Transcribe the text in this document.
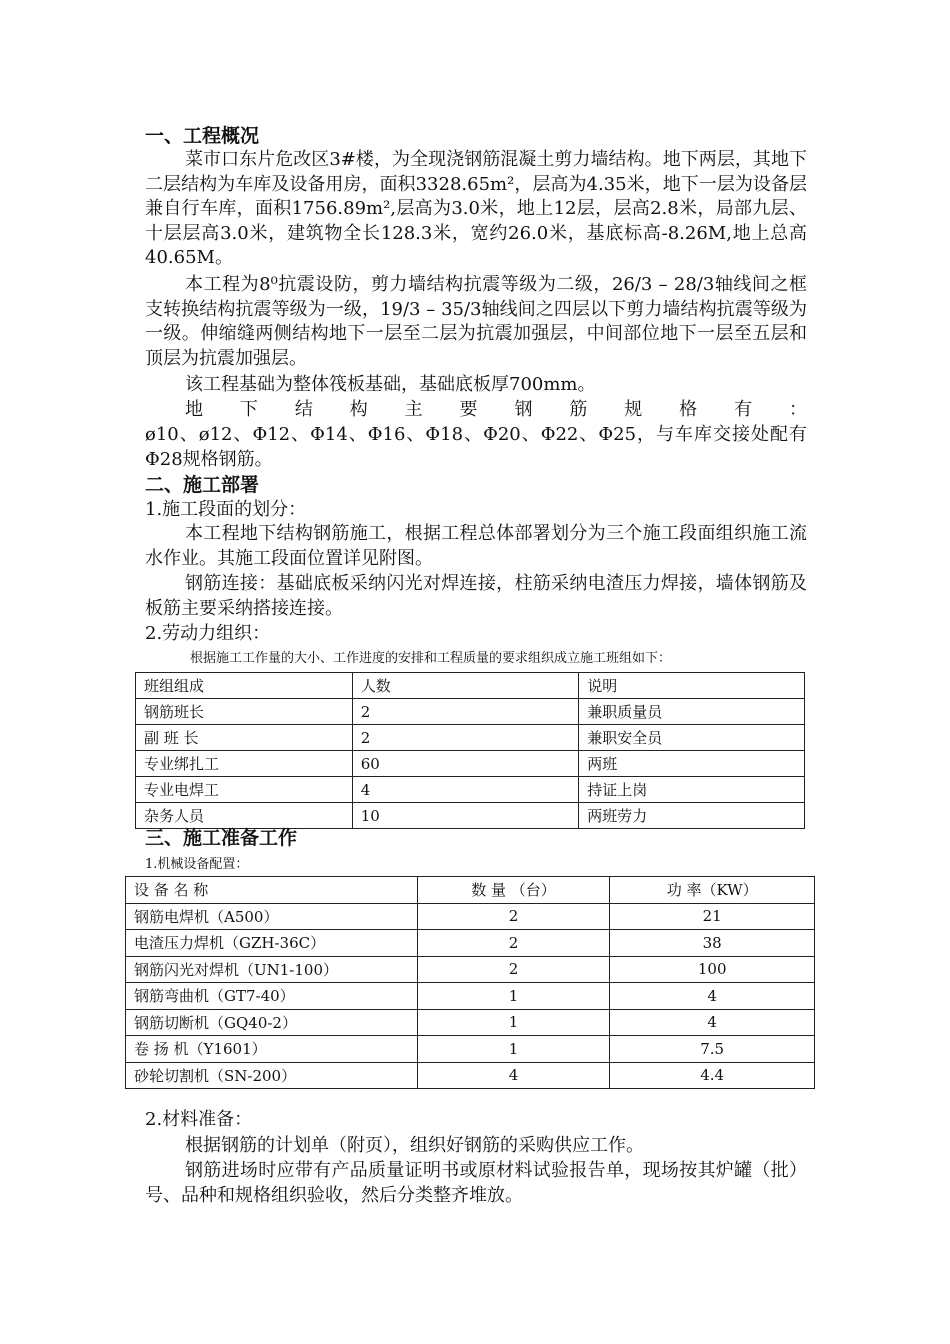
一、工程概况

菜市口东片危改区3#楼，为全现浇钢筋混凝土剪力墙结构。地下两层，其地下二层结构为车库及设备用房，面积3328.65m²，层高为4.35米，地下一层为设备层兼自行车库，面积1756.89m²,层高为3.0米，地上12层，层高2.8米，局部九层、十层层高3.0米，建筑物全长128.3米，宽约26.0米，基底标高-8.26M,地上总高40.65M。

本工程为8⁰抗震设防，剪力墙结构抗震等级为二级，26/3 – 28/3轴线间之框支转换结构抗震等级为一级，19/3 – 35/3轴线间之四层以下剪力墙结构抗震等级为一级。伸缩缝两侧结构地下一层至二层为抗震加强层，中间部位地下一层至五层和顶层为抗震加强层。

该工程基础为整体筏板基础，基础底板厚700mm。

地下结构主要钢筋规格有：

ø10、ø12、Φ12、Φ14、Φ16、Φ18、Φ20、Φ22、Φ25，与车库交接处配有Φ28规格钢筋。

二、施工部署
1.施工段面的划分：

本工程地下结构钢筋施工，根据工程总体部署划分为三个施工段面组织施工流水作业。其施工段面位置详见附图。

钢筋连接：基础底板采纳闪光对焊连接，柱筋采纳电渣压力焊接，墙体钢筋及板筋主要采纳搭接连接。

2.劳动力组织：
根据施工工作量的大小、工作进度的安排和工程质量的要求组织成立施工班组如下：
班组组成	人数	说明
钢筋班长	2	兼职质量员
副 班 长	2	兼职安全员
专业绑扎工	60	两班
专业电焊工	4	持证上岗
杂务人员	10	两班劳力
三、施工准备工作
1.机械设备配置：
设 备 名 称	数 量 （台）	功 率（KW）
钢筋电焊机（A500）	2	21
电渣压力焊机（GZH-36C）	2	38
钢筋闪光对焊机（UN1-100）	2	100
钢筋弯曲机（GT7-40）	1	4
钢筋切断机（GQ40-2）	1	4
卷 扬 机（Y1601）	1	7.5
砂轮切割机（SN-200）	4	4.4
2.材料准备：

根据钢筋的计划单（附页），组织好钢筋的采购供应工作。

钢筋进场时应带有产品质量证明书或原材料试验报告单，现场按其炉罐（批）号、品种和规格组织验收，然后分类整齐堆放。
